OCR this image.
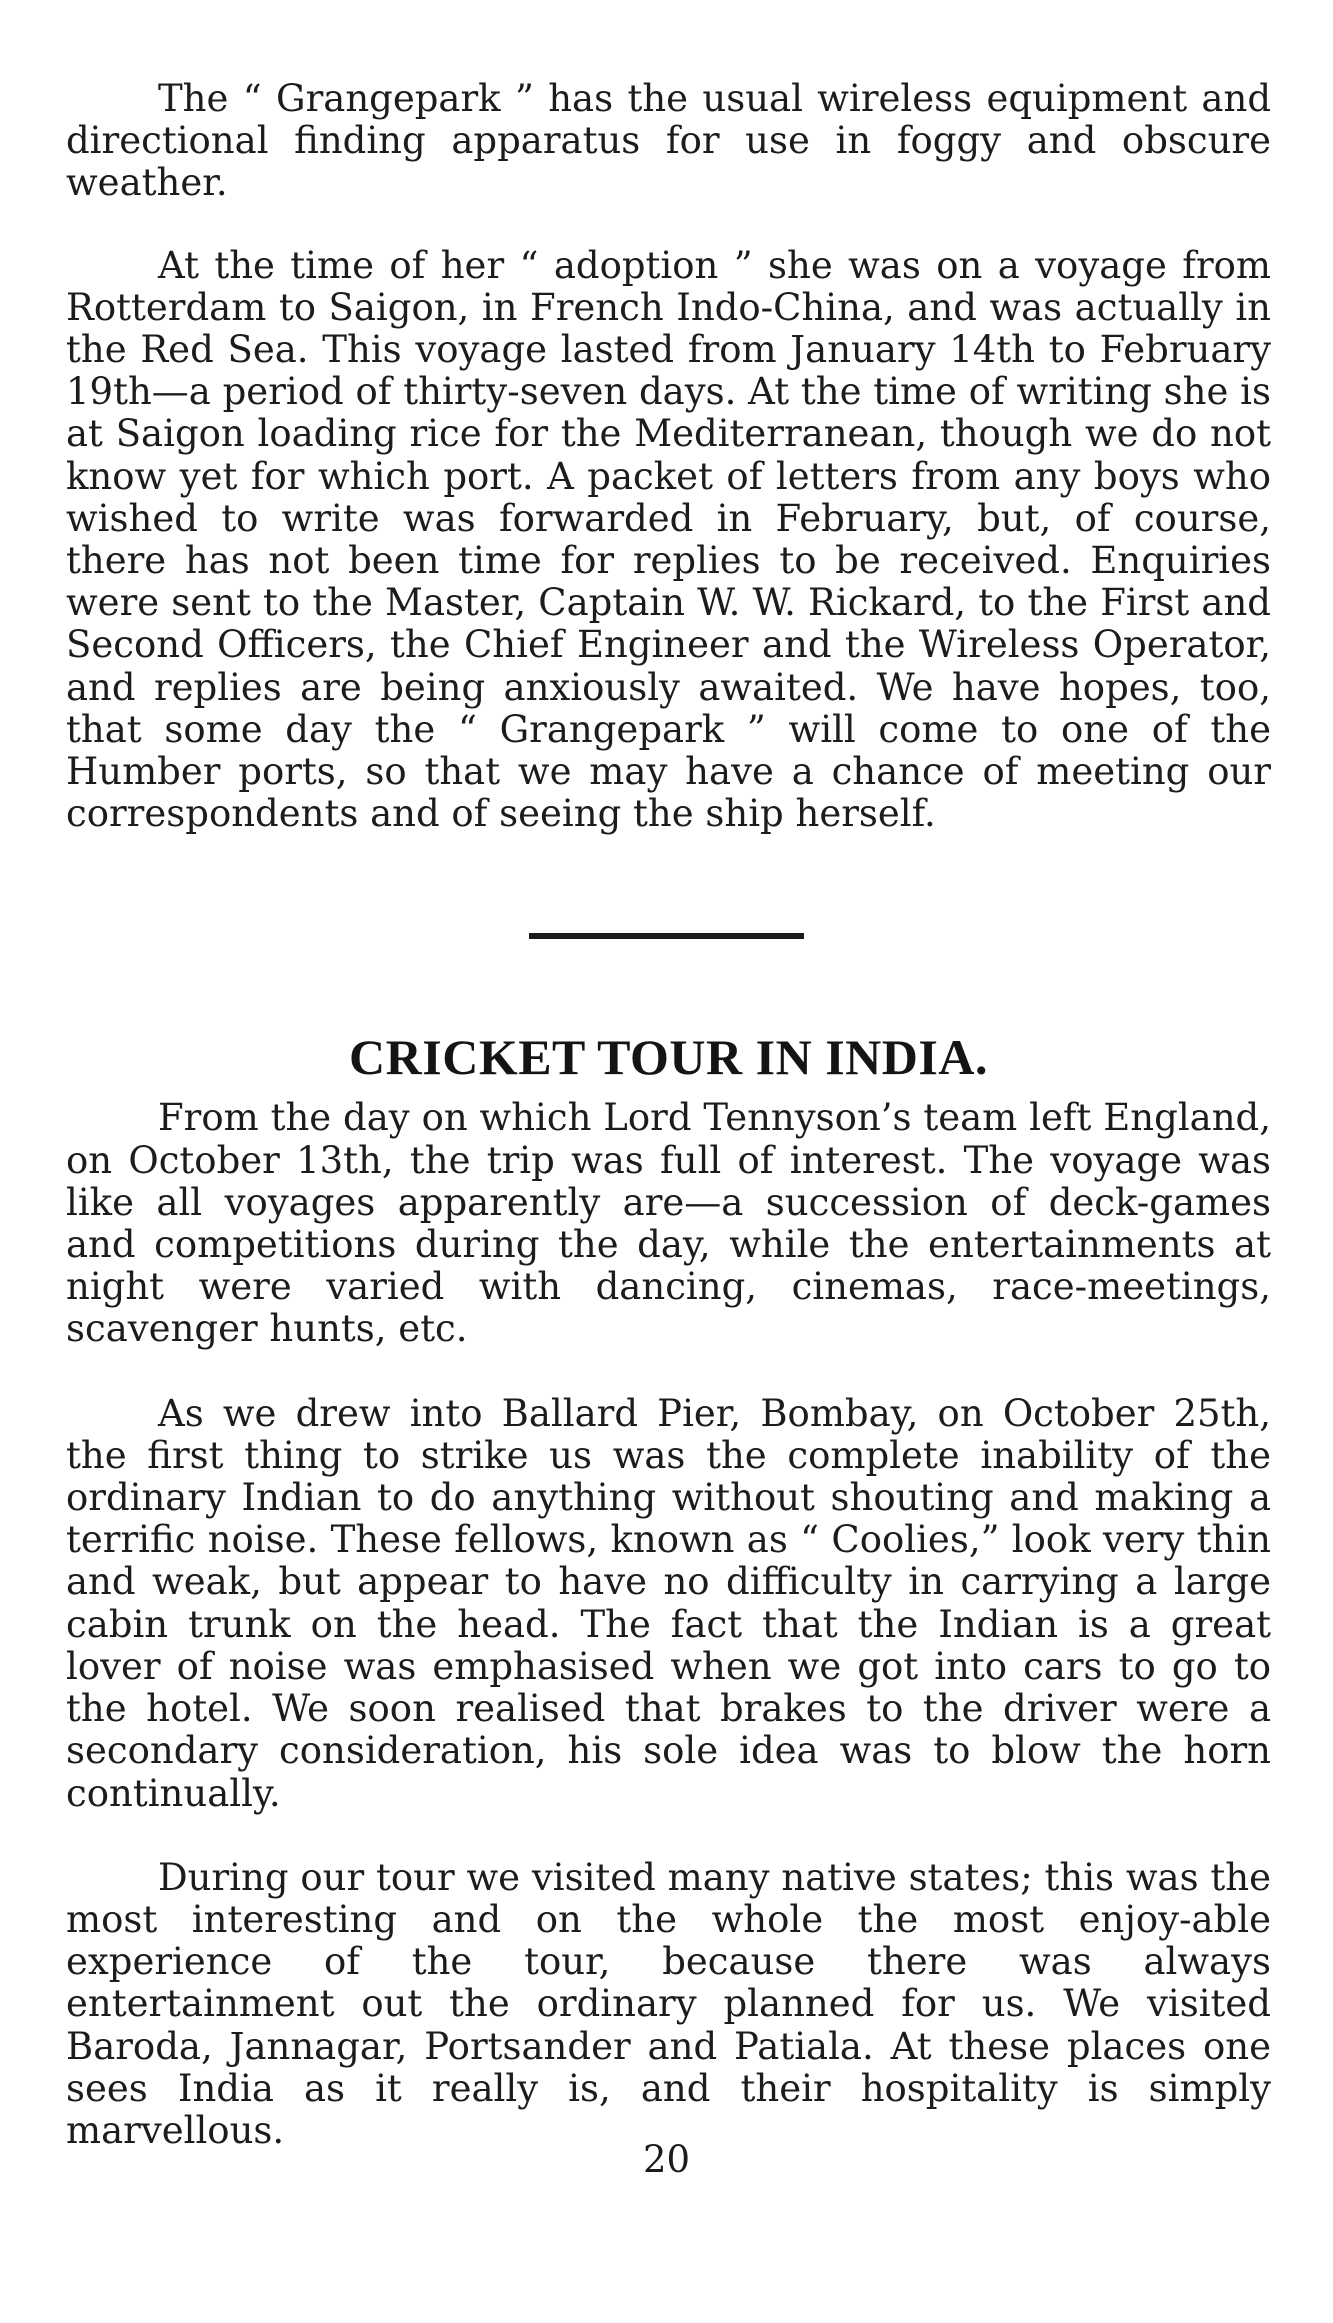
The “ Grangepark ” has the usual wireless equipment and directional finding apparatus for use in foggy and obscure weather.

At the time of her “ adoption ” she was on a voyage from Rotterdam to Saigon, in French Indo-China, and was actually in the Red Sea. This voyage lasted from January 14th to February 19th—a period of thirty-seven days. At the time of writing she is at Saigon loading rice for the Mediterranean, though we do not know yet for which port. A packet of letters from any boys who wished to write was forwarded in February, but, of course, there has not been time for replies to be received. Enquiries were sent to the Master, Captain W. W. Rickard, to the First and Second Officers, the Chief Engineer and the Wireless Operator, and replies are being anxiously awaited. We have hopes, too, that some day the “ Grangepark ” will come to one of the Humber ports, so that we may have a chance of meeting our correspondents and of seeing the ship herself.

CRICKET TOUR IN INDIA.

From the day on which Lord Tennyson’s team left England, on October 13th, the trip was full of interest. The voyage was like all voyages apparently are—a succession of deck-games and competitions during the day, while the entertainments at night were varied with dancing, cinemas, race-meetings, scavenger hunts, etc.

As we drew into Ballard Pier, Bombay, on October 25th, the first thing to strike us was the complete inability of the ordinary Indian to do anything without shouting and making a terrific noise. These fellows, known as “ Coolies,” look very thin and weak, but appear to have no difficulty in carrying a large cabin trunk on the head. The fact that the Indian is a great lover of noise was emphasised when we got into cars to go to the hotel. We soon realised that brakes to the driver were a secondary consideration, his sole idea was to blow the horn continually.

During our tour we visited many native states; this was the most interesting and on the whole the most enjoy-able experience of the tour, because there was always entertainment out the ordinary planned for us. We visited Baroda, Jannagar, Portsander and Patiala. At these places one sees India as it really is, and their hospitality is simply marvellous.

20
